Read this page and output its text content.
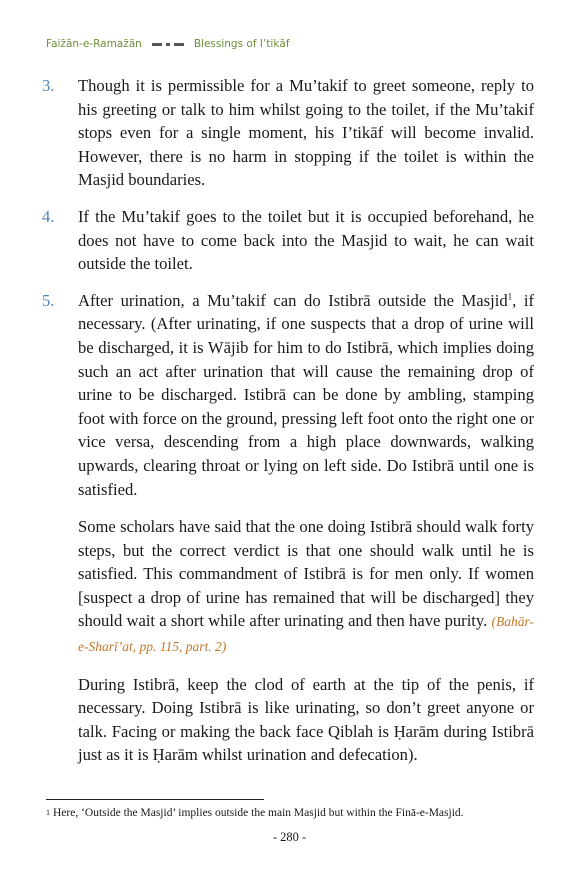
Faiz̄ān-e-Ramaz̄ān	Blessings of I’tikāf
3.	Though it is permissible for a Mu’takif to greet someone, reply to his greeting or talk to him whilst going to the toilet, if the Mu’takif stops even for a single moment, his I’tikāf will become invalid. However, there is no harm in stopping if the toilet is within the Masjid boundaries.

4.	If the Mu’takif goes to the toilet but it is occupied beforehand, he does not have to come back into the Masjid to wait, he can wait outside the toilet.

5.	After urination, a Mu’takif can do Istibrā outside the Masjid$^1$, if necessary. (After urinating, if one suspects that a drop of urine will be discharged, it is Wājib for him to do Istibrā, which implies doing such an act after urination that will cause the remaining drop of urine to be discharged. Istibrā can be done by ambling, stamping foot with force on the ground, pressing left foot onto the right one or vice versa, descending from a high place downwards, walking upwards, clearing throat or lying on left side. Do Istibrā until one is satisfied.

Some scholars have said that the one doing Istibrā should walk forty steps, but the correct verdict is that one should walk until he is satisfied. This commandment of Istibrā is for men only. If women [suspect a drop of urine has remained that will be discharged] they should wait a short while after urinating and then have purity. (Bahār-e-Sharī’at, pp. 115, part. 2)

During Istibrā, keep the clod of earth at the tip of the penis, if necessary. Doing Istibrā is like urinating, so don’t greet anyone or talk. Facing or making the back face Qiblah is Ḥarām during Istibrā just as it is Ḥarām whilst urination and defecation).

$^1$ Here, ‘Outside the Masjid’ implies outside the main Masjid but within the Finā-e-Masjid.
- 280 -
